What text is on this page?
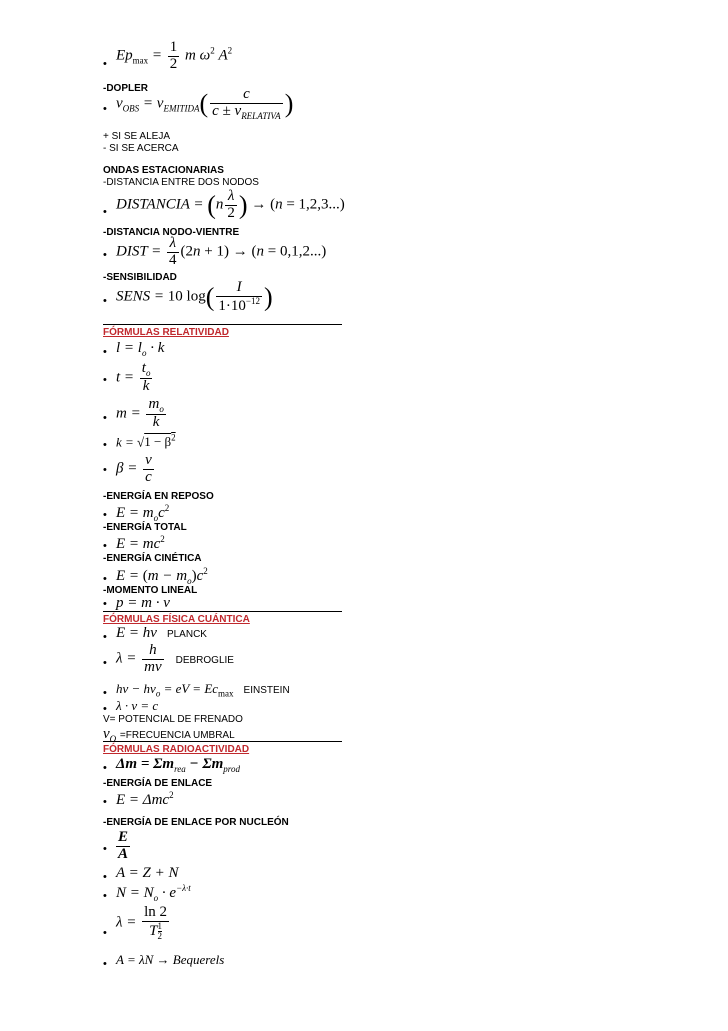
•
$Ep_{max} = \frac{1}{2}$ m $\omega^2$ $A^2$
-DOPLER
• $\nu_{OBS} = \nu_{EMITIDA}( \frac{c}{c \pm \nu_{RELATIVA}}$ )
+ SI SE ALEJA
- SI SE ACERCA
ONDAS ESTACIONARIAS
-DISTANCIA ENTRE DOS NODOS
• DISTANCIA = ($n \frac{\lambda}{2}$ ) → (n = 1,2,3...)
-DISTANCIA NODO-VIENTRE
• DIST = $\frac{\lambda}{4} (2n + 1) \to (n = 0,1,2...)$
-SENSIBILIDAD
• SENS = 10 $\log( \frac{I}{1\cdot 10^{-12}}$ )
FÓRMULAS RELATIVIDAD
• $l = l_o \cdot k$
• $t = \frac{t_o}{k}$
• $m = \frac{m_o}{k}$
• $k = √1 - \beta^2$
• $\beta = \frac{v}{c}$
-ENERGÍA EN REPOSO
• $E = m_oc^2$
-ENERGÍA TOTAL
• $E = mc^2$
-ENERGÍA CINÉTICA
• $E = (m - m_o)c^2$
-MOMENTO LINEAL
• p = m · v
FÓRMULAS FÍSICA CUÁNTICA
• E = hν PLANCK
• $\lambda = \frac{h}{mv}$ DEBROGLIE
• $h\nu - h\nu_o$ = eV = $Ec_{max}$ EINSTEIN
• λ · ν = c
V= POTENCIAL DE FRENADO
$\nu_O$ =FRECUENCIA UMBRAL
FÓRMULAS RADIOACTIVIDAD
• $\Delta m = \Sigma m_{rea} - \Sigma m_{prod}$
-ENERGÍA DE ENLACE
• E = Δmc$^2$
-ENERGÍA DE ENLACE POR NUCLEÓN
• $\frac{E}{A}$
• A = Z + N
• $N = N_o \cdot e^{-\lambda\cdot t}$
•
λ = ln 2
T $_{\frac{1}{2}}$
• A = λN → Bequerels
